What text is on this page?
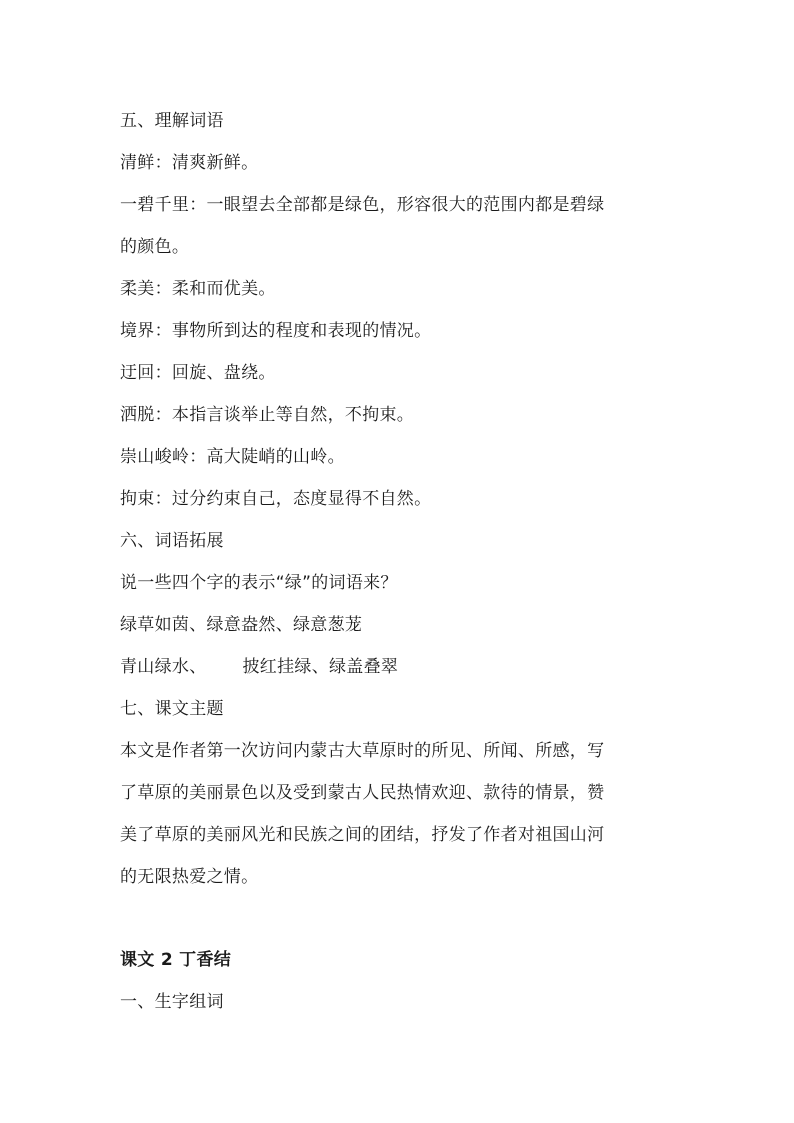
五、理解词语
清鲜：清爽新鲜。
一碧千里：一眼望去全部都是绿色，形容很大的范围内都是碧绿
的颜色。
柔美：柔和而优美。
境界：事物所到达的程度和表现的情况。
迂回：回旋、盘绕。
洒脱：本指言谈举止等自然，不拘束。
崇山峻岭：高大陡峭的山岭。
拘束：过分约束自己，态度显得不自然。
六、词语拓展
说一些四个字的表示“绿”的词语来？
绿草如茵、绿意盎然、绿意葱茏
青山绿水、 披红挂绿、绿盖叠翠
七、课文主题
本文是作者第一次访问内蒙古大草原时的所见、所闻、所感，写
了草原的美丽景色以及受到蒙古人民热情欢迎、款待的情景，赞
美了草原的美丽风光和民族之间的团结，抒发了作者对祖国山河
的无限热爱之情。
课文 2 丁香结
一、生字组词
